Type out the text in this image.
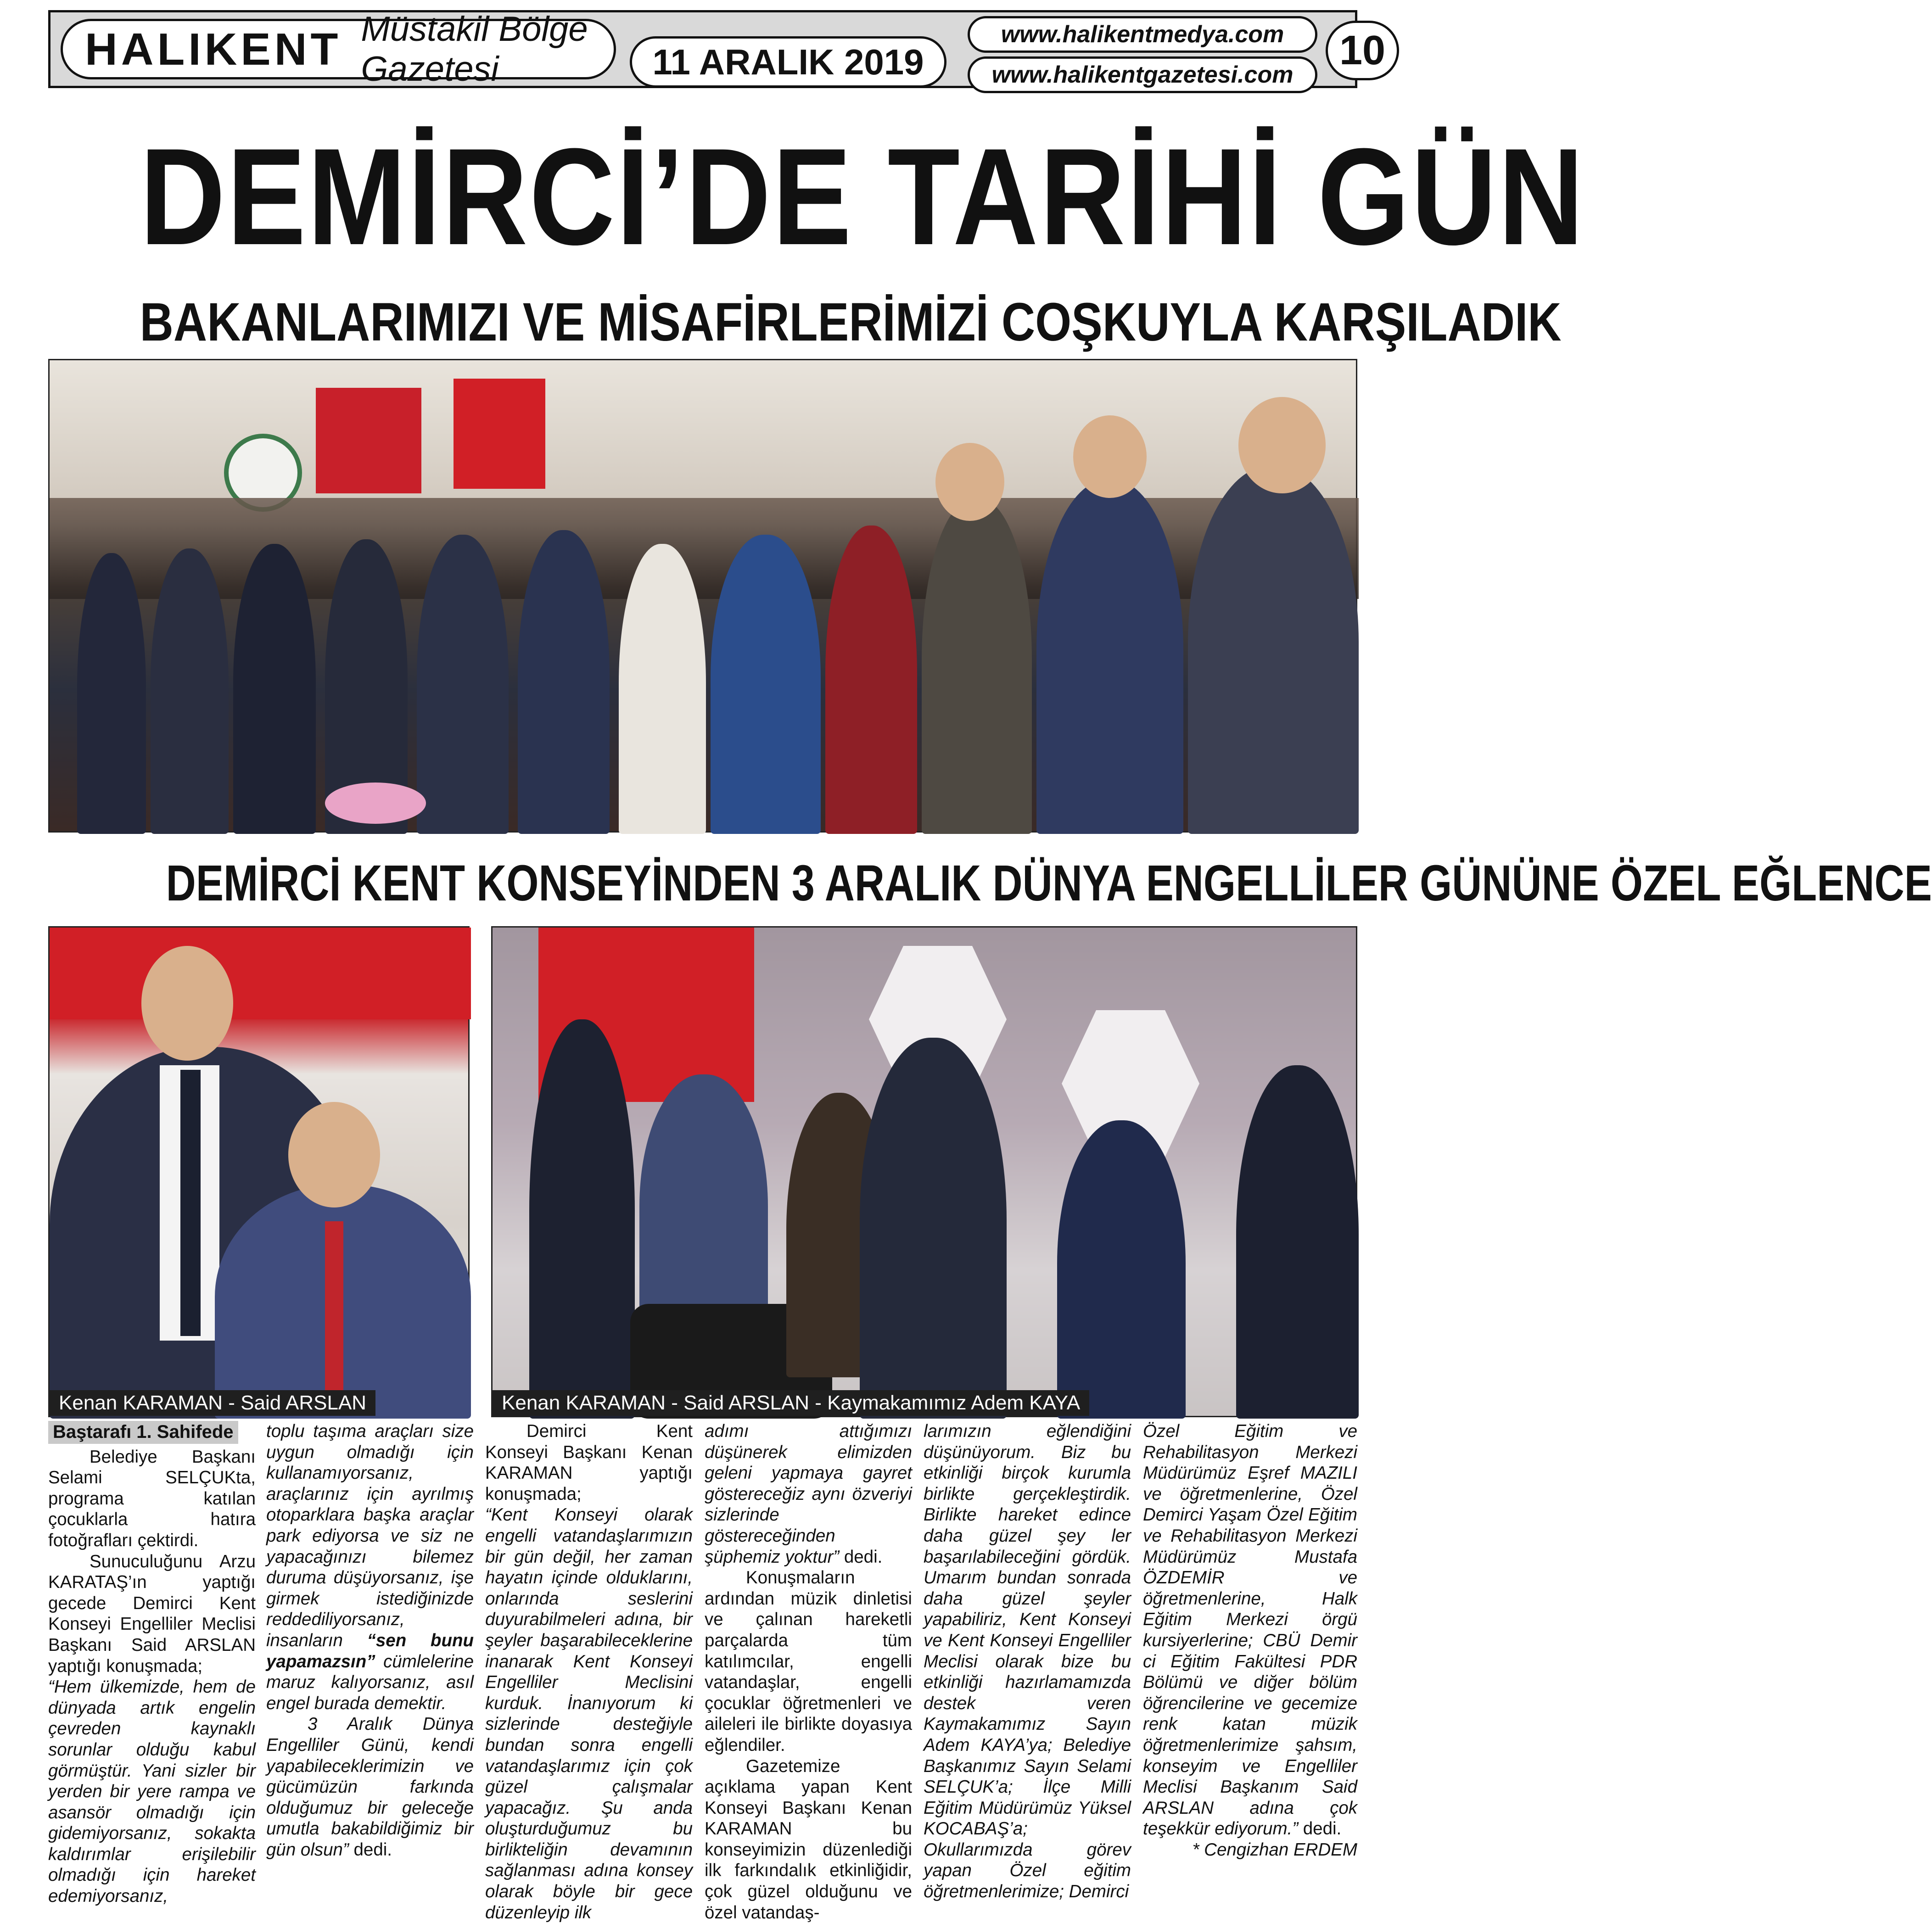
HALIKENT Müstakil Bölge Gazetesi	11 ARALIK 2019
www.halikentmedya.com
www.halikentgazetesi.com
10
DEMİRCİ’DE TARİHİ GÜN
BAKANLARIMIZI VE MİSAFİRLERİMİZİ COŞKUYLA KARŞILADIK
DEMİRCİ KENT KONSEYİNDEN 3 ARALIK DÜNYA ENGELLİLER GÜNÜNE ÖZEL EĞLENCE
Kenan KARAMAN - Said ARSLAN	Kenan KARAMAN - Said ARSLAN - Kaymakamımız Adem KAYA
Baştarafı 1. Sahifede

Belediye Başkanı Selami SELÇUKta, programa katılan çocuklarla hatıra fotoğrafları çektirdi.

Sunuculuğunu Arzu KARATAŞ’ın yaptığı gecede Demirci Kent Konseyi Engelliler Meclisi Başkanı Said ARSLAN yaptığı konuşmada;

“Hem ülkemizde, hem de dünyada artık engelin çevreden kaynaklı sorunlar olduğu kabul görmüştür. Yani sizler bir yerden bir yere rampa ve asansör olmadığı için gidemiyorsanız, sokakta kaldırımlar erişilebilir olmadığı için hareket edemiyorsanız,

toplu taşıma araçları size uygun olmadığı için kullanamıyorsanız, araçlarınız için ayrılmış otoparklara başka araçlar park ediyorsa ve siz ne yapacağınızı bilemez duruma düşüyorsanız, işe girmek istediğinizde reddediliyorsanız, insanların “sen bunu yapamazsın” cümlelerine maruz kalıyorsanız, asıl engel burada demektir.

3 Aralık Dünya Engelliler Günü, kendi yapabileceklerimizin ve gücümüzün farkında olduğumuz bir geleceğe umutla bakabildiğimiz bir gün olsun” dedi.

Demirci Kent Konseyi Başkanı Kenan KARAMAN yaptığı konuşmada;

“Kent Konseyi olarak engelli vatandaşlarımızın bir gün değil, her zaman hayatın içinde olduklarını, onlarında seslerini duyurabilmeleri adına, bir şeyler başarabileceklerine inanarak Kent Konseyi Engelliler Meclisini kurduk. İnanıyorum ki sizlerinde desteğiyle bundan sonra engelli vatandaşlarımız için çok güzel çalışmalar yapacağız. Şu anda oluşturduğumuz bu birlikteliğin devamının sağlanması adına konsey olarak böyle bir gece düzenleyip ilk

adımı attığımızı düşünerek elimizden geleni yapmaya gayret göstereceğiz aynı özveriyi sizlerinde göstereceğinden şüphemiz yoktur” dedi.

Konuşmaların ardından müzik dinletisi ve çalınan hareketli parçalarda tüm katılımcılar, engelli vatandaşlar, engelli çocuklar öğretmenleri ve aileleri ile birlikte doyasıya eğlendiler.

Gazetemize açıklama yapan Kent Konseyi Başkanı Kenan KARAMAN bu konseyimizin düzenlediği ilk farkındalık etkinliğidir, çok güzel olduğunu ve özel vatandaş-

larımızın eğlendiğini düşünüyorum. Biz bu etkinliği birçok kurumla birlikte gerçekleştirdik. Birlikte hareket edince daha güzel şey ler başarılabileceğini gördük. Umarım bundan sonrada daha güzel şeyler yapabiliriz, Kent Konseyi ve Kent Konseyi Engelliler Meclisi olarak bize bu etkinliği hazırlamamızda destek veren Kaymakamımız Sayın Adem KAYA’ya; Belediye Başkanımız Sayın Selami SELÇUK’a; İlçe Milli Eğitim Müdürümüz Yüksel KOCABAŞ’a; Okullarımızda görev yapan Özel eğitim öğretmenlerimize; Demirci

Özel Eğitim ve Rehabilitasyon Merkezi Müdürümüz Eşref MAZILI ve öğretmenlerine, Özel Demirci Yaşam Özel Eğitim ve Rehabilitasyon Merkezi Müdürümüz Mustafa ÖZDEMİR ve öğretmenlerine, Halk Eğitim Merkezi örgü kursiyerlerine; CBÜ Demir ci Eğitim Fakültesi PDR Bölümü ve diğer bölüm öğrencilerine ve gecemize renk katan müzik öğretmenlerimize şahsım, konseyim ve Engelliler Meclisi Başkanım Said ARSLAN adına çok teşekkür ediyorum.” dedi.

* Cengizhan ERDEM
